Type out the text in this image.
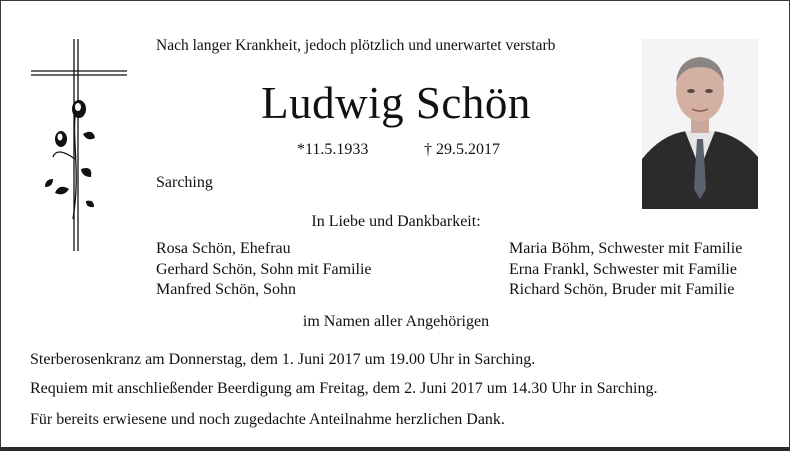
Nach langer Krankheit, jedoch plötzlich und unerwartet verstarb
Ludwig Schön
*11.5.1933	† 29.5.2017
Sarching
In Liebe und Dankbarkeit:
Rosa Schön, Ehefrau
Gerhard Schön, Sohn mit Familie
Manfred Schön, Sohn
Maria Böhm, Schwester mit Familie
Erna Frankl, Schwester mit Familie
Richard Schön, Bruder mit Familie
im Namen aller Angehörigen
Sterberosenkranz am Donnerstag, dem 1. Juni 2017 um 19.00 Uhr in Sarching.
Requiem mit anschließender Beerdigung am Freitag, dem 2. Juni 2017 um 14.30 Uhr in Sarching.
Für bereits erwiesene und noch zugedachte Anteilnahme herzlichen Dank.
